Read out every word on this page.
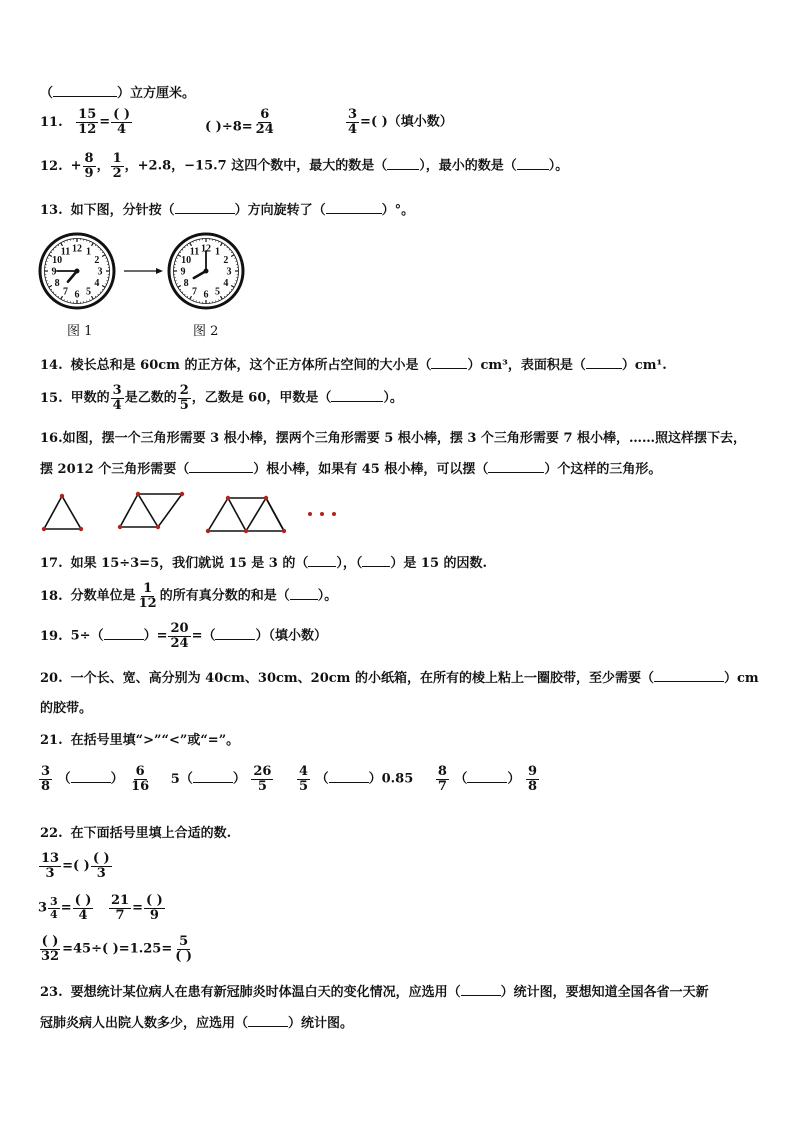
（	）立方厘米。
11. $\frac{15}{12} = \frac{( )}{4}$	( )$\div 8= \frac{6}{24}$	$\frac{3}{4}$ =( )（填小数）
12. + $\frac{8}{9}$ ， $\frac{1}{2}$ ，+2.8，−15.7 这四个数中，最大的数是（ ），最小的数是（ ）。
13. 如下图，分针按（	）方向旋转了（	）°。
12 1
2
3
4
5
6
7
8
9
10
11	12 1
2
3
4
5
6
7
8
9
10
11
图 1	图 2
14. 棱长总和是 60cm 的正方体，这个正方体所占空间的大小是（	）cm³，表面积是（	）cm¹.
15. 甲数的 $\frac{3}{4}$ 是乙数的 $\frac{2}{5}$ ，乙数是 60，甲数是（	）。
16.如图，摆一个三角形需要 3 根小棒，摆两个三角形需要 5 根小棒，摆 3 个三角形需要 7 根小棒，……照这样摆下去，
摆 2012 个三角形需要（	）根小棒，如果有 45 根小棒，可以摆（	）个这样的三角形。
17. 如果 15÷3=5，我们就说 15 是 3 的（ ），（ ）是 15 的因数.
18. 分数单位是 $\frac{1}{12}$ 的所有真分数的和是（ ）。
19. 5÷（	）= $\frac{20}{24}$ =（	）（填小数）
20. 一个长、宽、高分别为 40cm、30cm、20cm 的小纸箱，在所有的棱上粘上一圈胶带，至少需要（	）cm
的胶带。
21. 在括号里填“>”“<”或“=”。
$\frac{3}{8}$ （	） $\frac{6}{16} 5$（	） $\frac{26}{5}$
$\frac{4}{5}$ （	）$0.85 \frac{8}{7}$ （	） $\frac{9}{8}$
22. 在下面括号里填上合适的数.
$\frac{13}{3}$ =( ) $\frac{( )}{3}$
$3 \frac{3}{4} = \frac{( )}{4}$
$\frac{21}{7} = \frac{( )}{9}$
$\frac{( )}{32} =45\div$( )$=1.25= \frac{5}{( )}$
23. 要想统计某位病人在患有新冠肺炎时体温白天的变化情况，应选用（	）统计图，要想知道全国各省一天新
冠肺炎病人出院人数多少，应选用（	）统计图。
